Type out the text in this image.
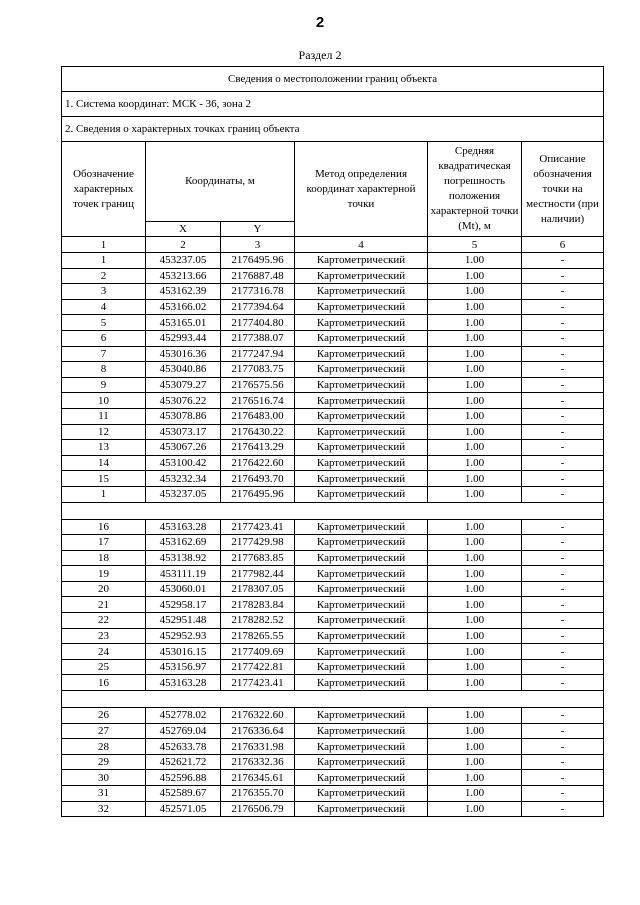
2
Раздел 2
Сведения о местоположении границ объекта					
1. Система координат: МСК - 36, зона 2					
2. Сведения о характерных точках границ объекта					
Обозначение характерных точек границ	Координаты, м		Метод определения координат характерной точки	Средняя квадратическая погрешность положения характерной точки (Mt), м	Описание обозначения точки на местности (при наличии)
	X	Y			
1	2	3	4	5	6
1	453237.05	2176495.96	Картометрический	1.00	-
2	453213.66	2176887.48	Картометрический	1.00	-
3	453162.39	2177316.78	Картометрический	1.00	-
4	453166.02	2177394.64	Картометрический	1.00	-
5	453165.01	2177404.80	Картометрический	1.00	-
6	452993.44	2177388.07	Картометрический	1.00	-
7	453016.36	2177247.94	Картометрический	1.00	-
8	453040.86	2177083.75	Картометрический	1.00	-
9	453079.27	2176575.56	Картометрический	1.00	-
10	453076.22	2176516.74	Картометрический	1.00	-
11	453078.86	2176483.00	Картометрический	1.00	-
12	453073.17	2176430.22	Картометрический	1.00	-
13	453067.26	2176413.29	Картометрический	1.00	-
14	453100.42	2176422.60	Картометрический	1.00	-
15	453232.34	2176493.70	Картометрический	1.00	-
1	453237.05	2176495.96	Картометрический	1.00	-

16	453163.28	2177423.41	Картометрический	1.00	-
17	453162.69	2177429.98	Картометрический	1.00	-
18	453138.92	2177683.85	Картометрический	1.00	-
19	453111.19	2177982.44	Картометрический	1.00	-
20	453060.01	2178307.05	Картометрический	1.00	-
21	452958.17	2178283.84	Картометрический	1.00	-
22	452951.48	2178282.52	Картометрический	1.00	-
23	452952.93	2178265.55	Картометрический	1.00	-
24	453016.15	2177409.69	Картометрический	1.00	-
25	453156.97	2177422.81	Картометрический	1.00	-
16	453163.28	2177423.41	Картометрический	1.00	-

26	452778.02	2176322.60	Картометрический	1.00	-
27	452769.04	2176336.64	Картометрический	1.00	-
28	452633.78	2176331.98	Картометрический	1.00	-
29	452621.72	2176332.36	Картометрический	1.00	-
30	452596.88	2176345.61	Картометрический	1.00	-
31	452589.67	2176355.70	Картометрический	1.00	-
32	452571.05	2176506.79	Картометрический	1.00	-
